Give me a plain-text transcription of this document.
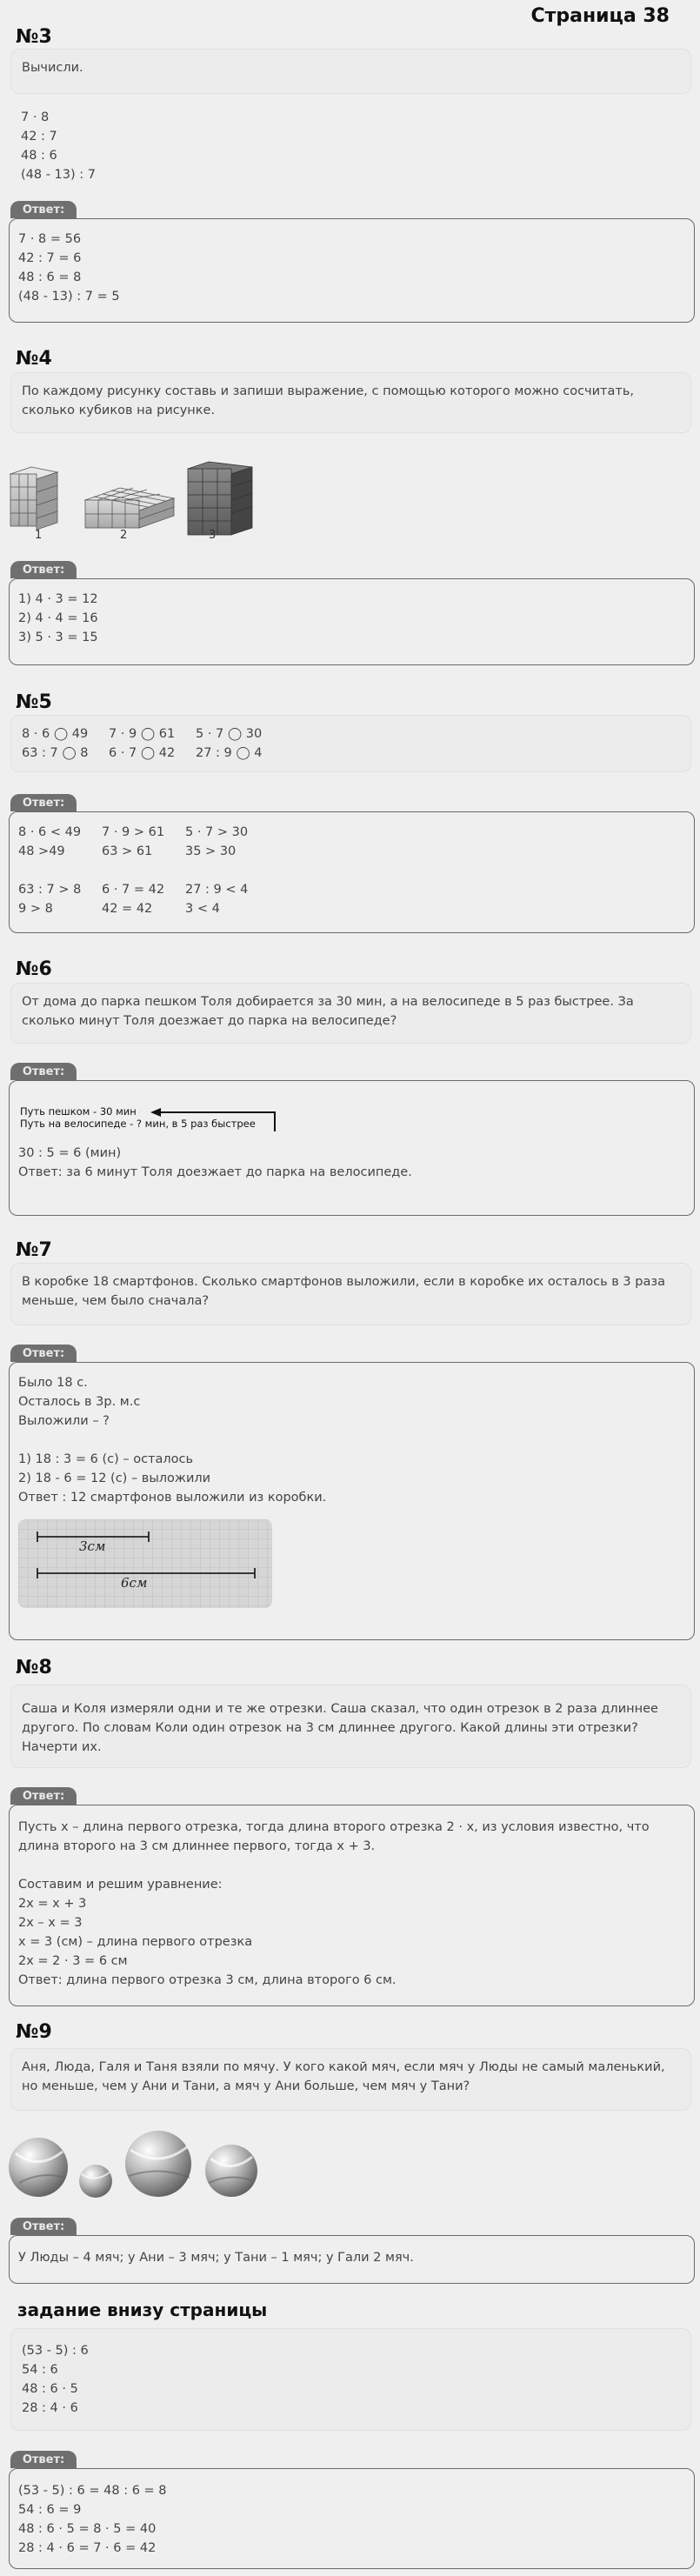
Страница 38
№3
Вычисли.
7 · 8
42 : 7
48 : 6
(48 - 13) : 7
Ответ:
7 · 8 = 56
42 : 7 = 6
48 : 6 = 8
(48 - 13) : 7 = 5
№4
По каждому рисунку составь и запиши выражение, с помощью которого можно сосчитать, сколько кубиков на рисунке.
1	2	3
Ответ:
1) 4 · 3 = 12
2) 4 · 4 = 16
3) 5 · 3 = 15
№5
8 · 6 ◯ 49	7 · 9 ◯ 61	5 · 7 ◯ 30
63 : 7 ◯ 8	6 · 7 ◯ 42	27 : 9 ◯ 4
Ответ:
8 · 6 < 49	7 · 9 > 61	5 · 7 > 30
48 >49	63 > 61	35 > 30
63 : 7 > 8	6 · 7 = 42	27 : 9 < 4
9 > 8	42 = 42	3 < 4
№6
От дома до парка пешком Толя добирается за 30 мин, а на велосипеде в 5 раз быстрее. За сколько минут Толя доезжает до парка на велосипеде?
Ответ:
Путь пешком - 30 мин
Путь на велосипеде - ? мин, в 5 раз быстрее
30 : 5 = 6 (мин)
Ответ: за 6 минут Толя доезжает до парка на велосипеде.
№7
В коробке 18 смартфонов. Сколько смартфонов выложили, если в коробке их осталось в 3 раза меньше, чем было сначала?
Ответ:
Было 18 с.
Осталось в 3р. м.с
Выложили – ?
1) 18 : 3 = 6 (с) – осталось
2) 18 - 6 = 12 (с) – выложили
Ответ : 12 смартфонов выложили из коробки.
3см
6см
№8
Саша и Коля измеряли одни и те же отрезки. Саша сказал, что один отрезок в 2 раза длиннее другого. По словам Коли один отрезок на 3 см длиннее другого. Какой длины эти отрезки? Начерти их.
Ответ:
Пусть x – длина первого отрезка, тогда длина второго отрезка 2 · x, из условия известно, что длина второго на 3 см длиннее первого, тогда x + 3.
Составим и решим уравнение:
2x = x + 3
2x – x = 3
x = 3 (см) – длина первого отрезка
2x = 2 · 3 = 6 см
Ответ: длина первого отрезка 3 см, длина второго 6 см.
№9
Аня, Люда, Галя и Таня взяли по мячу. У кого какой мяч, если мяч у Люды не самый маленький, но меньше, чем у Ани и Тани, а мяч у Ани больше, чем мяч у Тани?
Ответ:
У Люды – 4 мяч; у Ани – 3 мяч; у Тани – 1 мяч; у Гали 2 мяч.
задание внизу страницы
(53 - 5) : 6
54 : 6
48 : 6 · 5
28 : 4 · 6
Ответ:
(53 - 5) : 6 = 48 : 6 = 8
54 : 6 = 9
48 : 6 · 5 = 8 · 5 = 40
28 : 4 · 6 = 7 · 6 = 42
